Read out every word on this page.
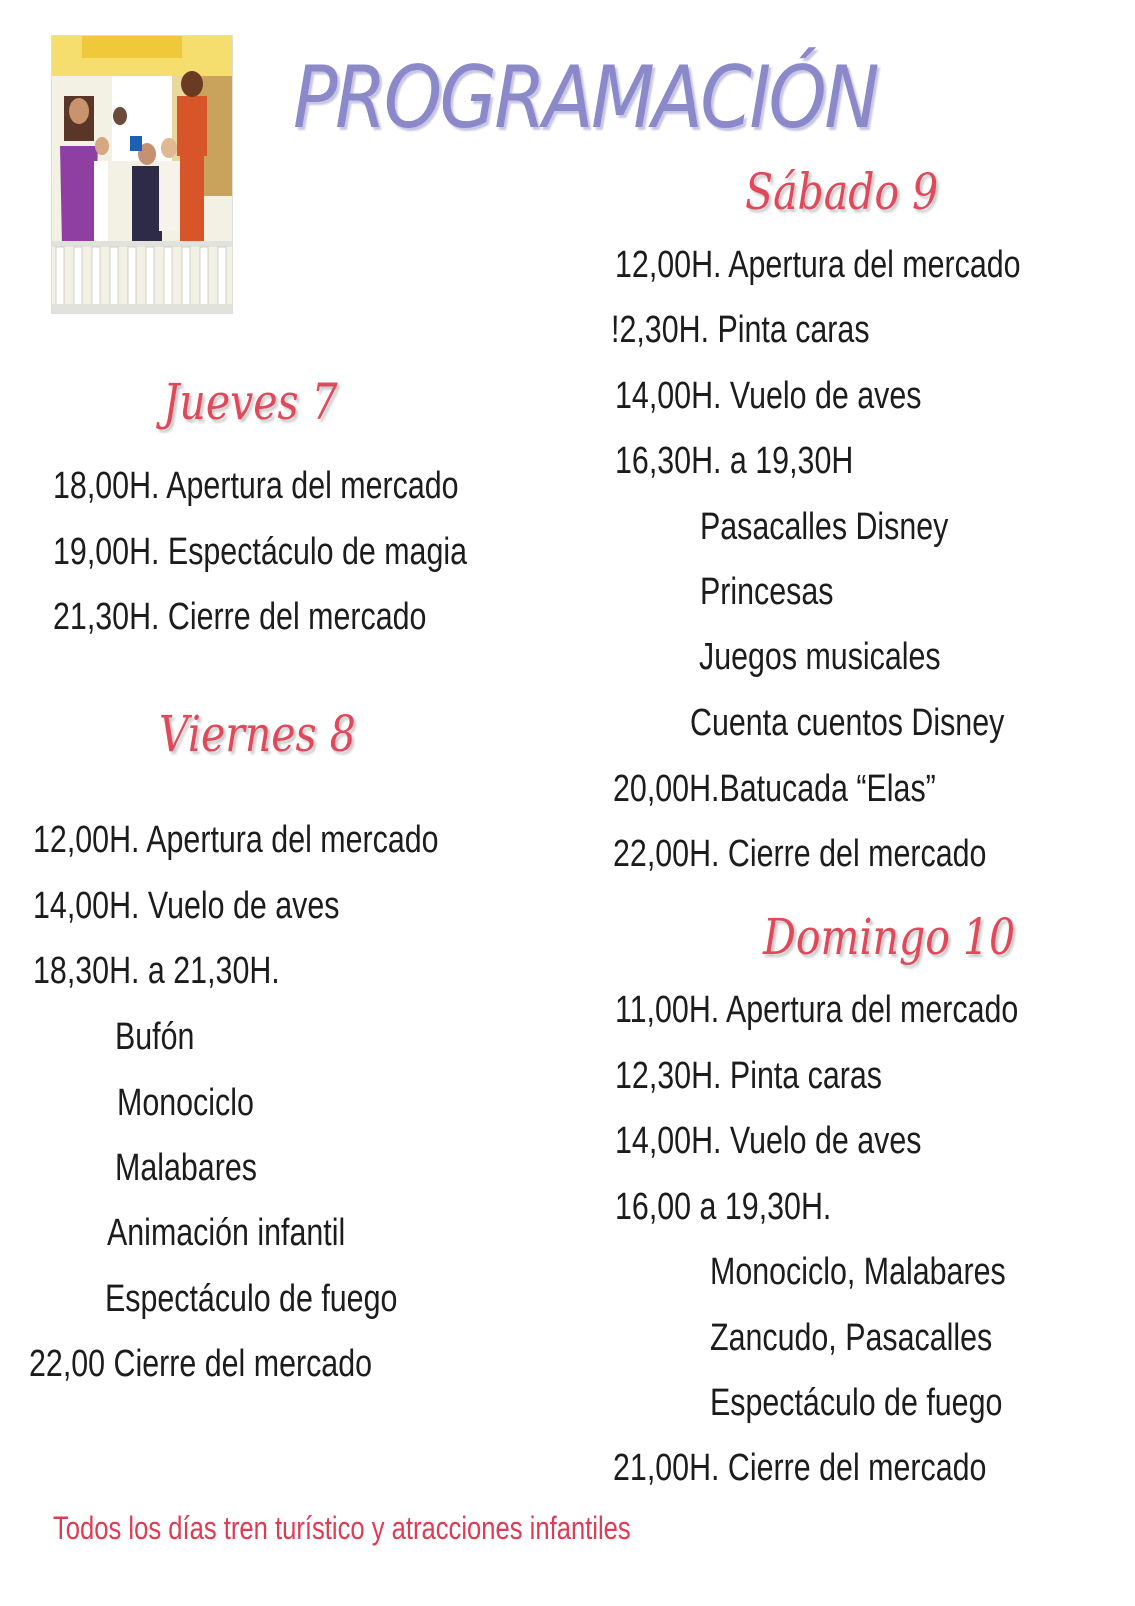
PROGRAMACIÓN
Jueves 7
18,00H. Apertura del mercado
19,00H. Espectáculo de magia
21,30H. Cierre del mercado
Viernes 8
12,00H. Apertura del mercado
14,00H. Vuelo de aves
18,30H. a 21,30H.
Bufón
Monociclo
Malabares
Animación infantil
Espectáculo de fuego
22,00 Cierre del mercado
Sábado 9
12,00H. Apertura del mercado
!2,30H. Pinta caras
14,00H. Vuelo de aves
16,30H. a 19,30H
Pasacalles Disney
Princesas
Juegos musicales
Cuenta cuentos Disney
20,00H.Batucada “Elas”
22,00H. Cierre del mercado
Domingo 10
11,00H. Apertura del mercado
12,30H. Pinta caras
14,00H. Vuelo de aves
16,00 a 19,30H.
Monociclo, Malabares
Zancudo, Pasacalles
Espectáculo de fuego
21,00H. Cierre del mercado
Todos los días tren turístico y atracciones infantiles
